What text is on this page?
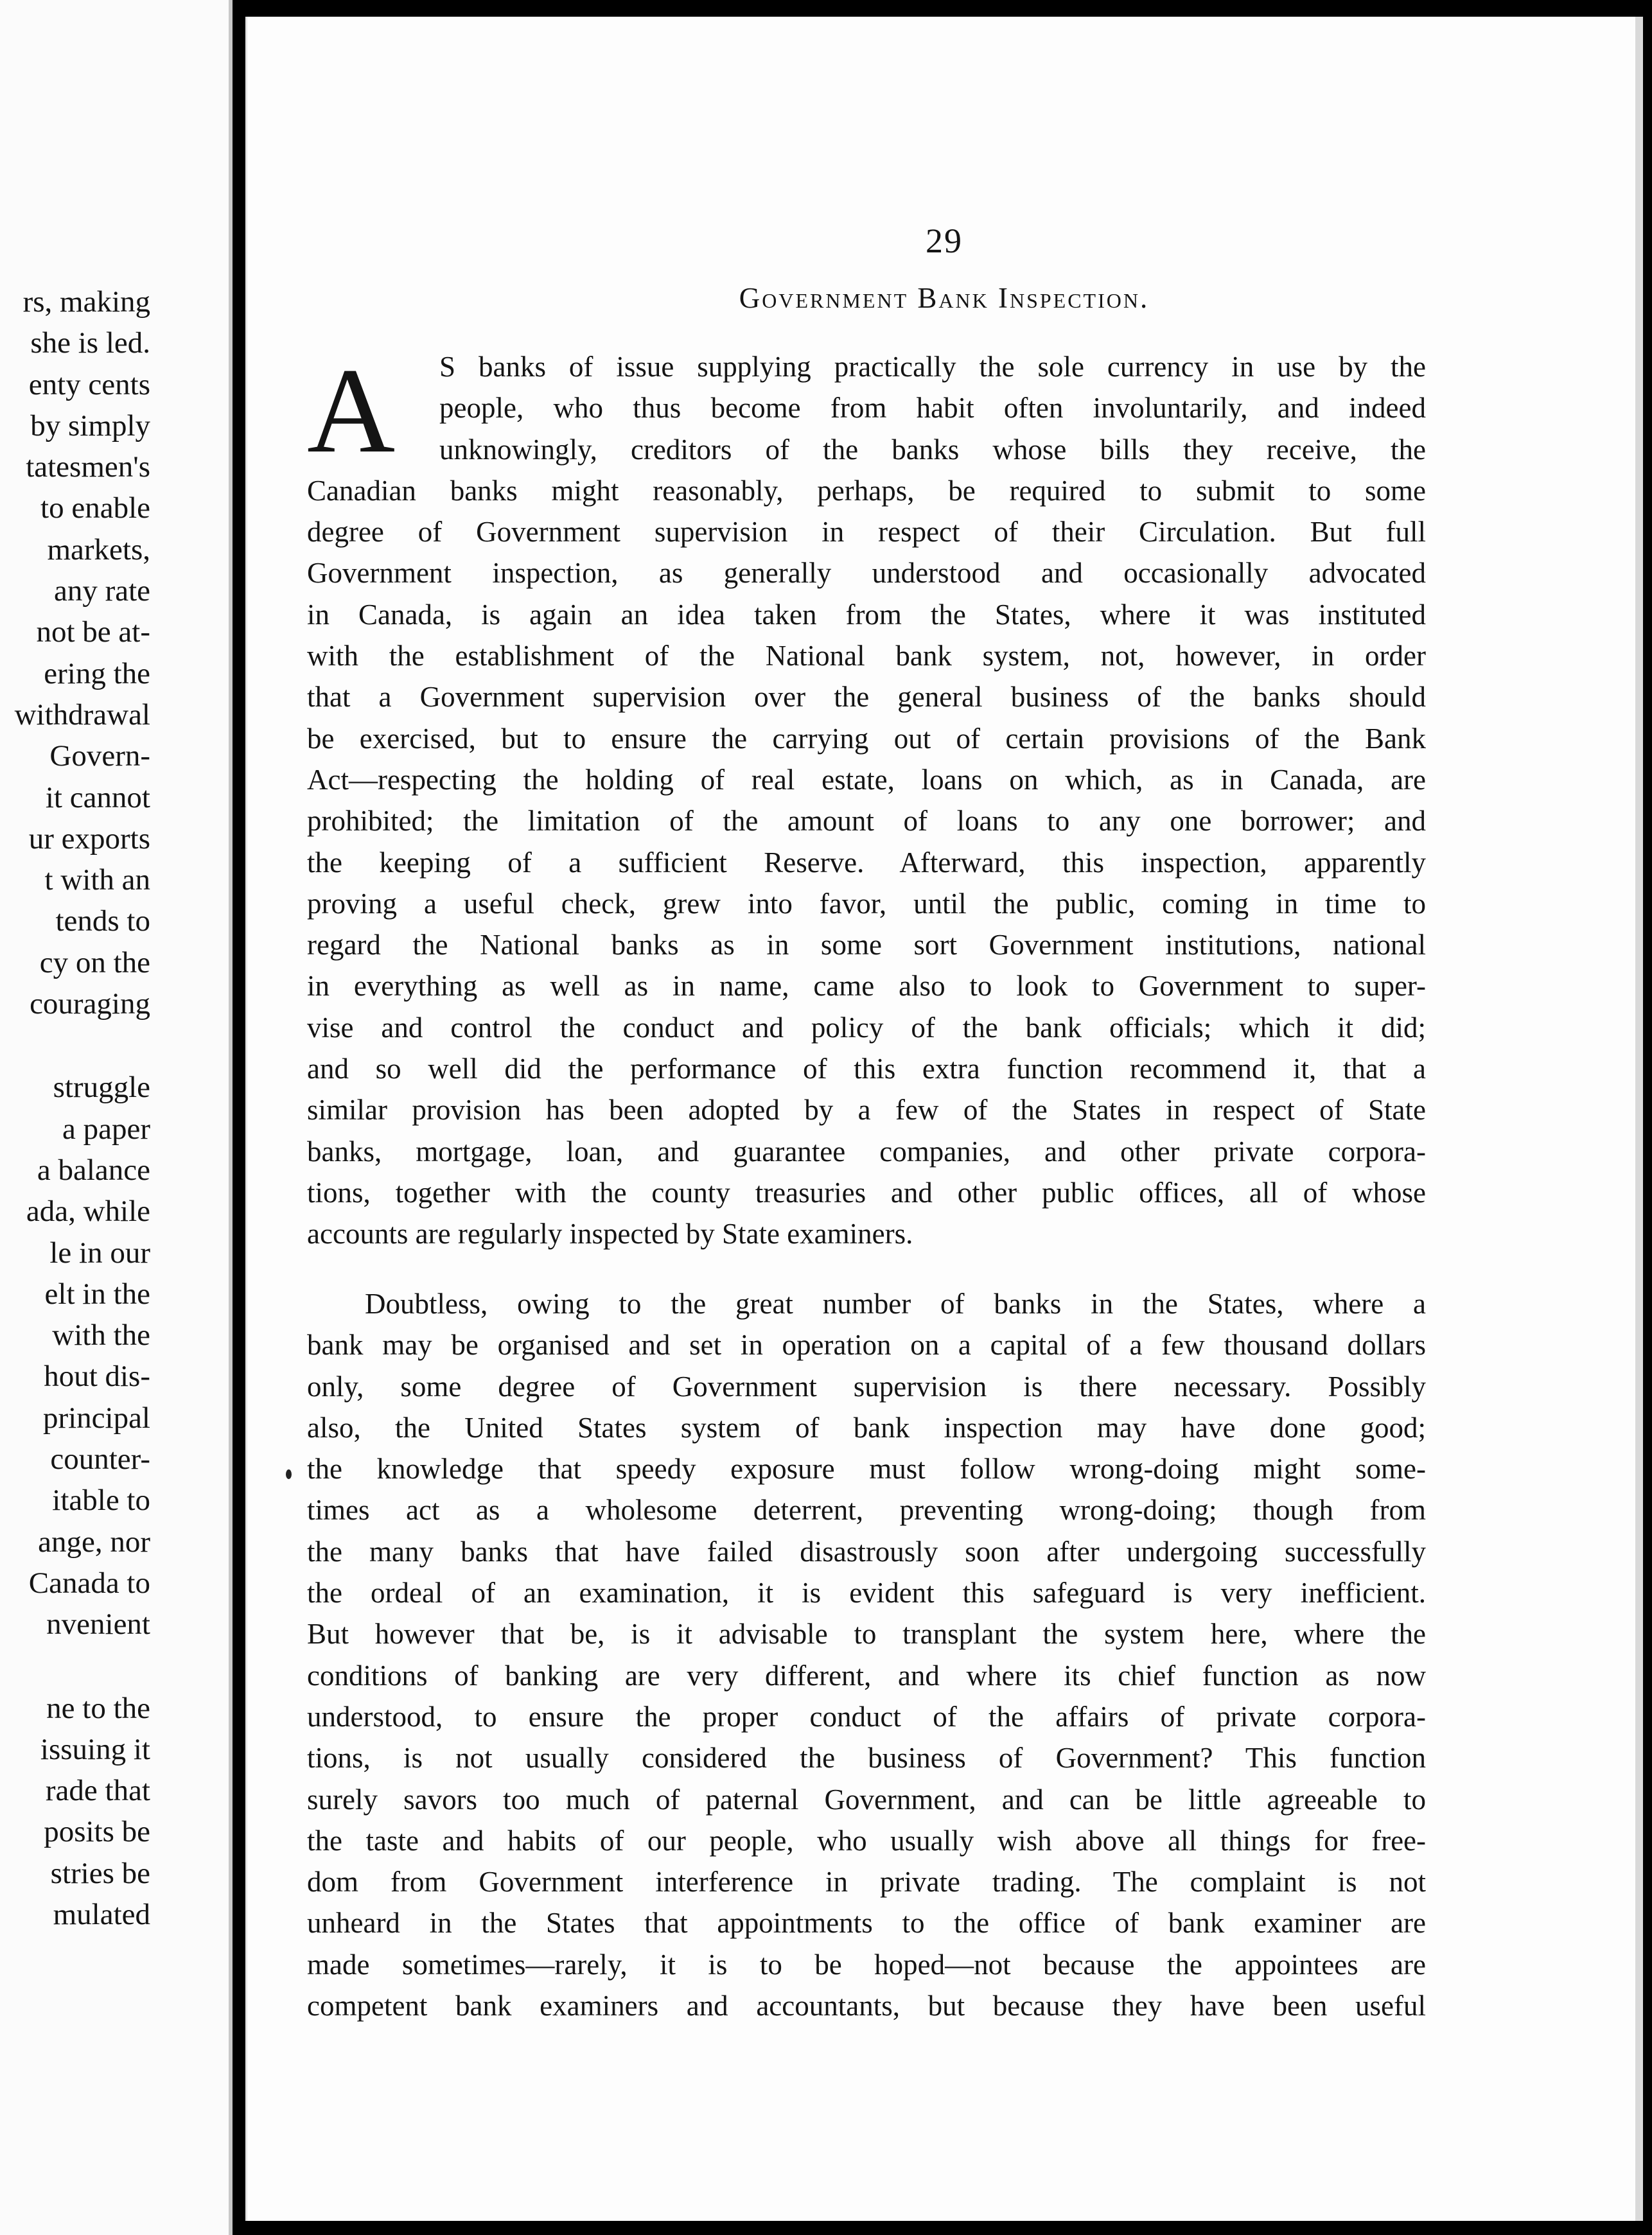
rs, making
she is led.
enty cents
by simply
tatesmen's
to enable
markets,
any rate
not be at-
ering the
withdrawal
Govern-
it cannot
ur exports
t with an
tends to
cy on the
couraging
struggle
a paper
a balance
ada, while
le in our
elt in the
with the
hout dis-
principal
counter-
itable to
ange, nor
Canada to
nvenient
ne to the
issuing it
rade that
posits be
stries be
mulated
29
Government Bank Inspection.
A	S banks of issue supplying practically the sole currency in use by the
people, who thus become from habit often involuntarily, and indeed
unknowingly, creditors of the banks whose bills they receive, the
Canadian banks might reasonably, perhaps, be required to submit to some
degree of Government supervision in respect of their Circulation. But full
Government inspection, as generally understood and occasionally advocated
in Canada, is again an idea taken from the States, where it was instituted
with the establishment of the National bank system, not, however, in order
that a Government supervision over the general business of the banks should
be exercised, but to ensure the carrying out of certain provisions of the Bank
Act—respecting the holding of real estate, loans on which, as in Canada, are
prohibited; the limitation of the amount of loans to any one borrower; and
the keeping of a sufficient Reserve. Afterward, this inspection, apparently
proving a useful check, grew into favor, until the public, coming in time to
regard the National banks as in some sort Government institutions, national
in everything as well as in name, came also to look to Government to super-
vise and control the conduct and policy of the bank officials; which it did;
and so well did the performance of this extra function recommend it, that a
similar provision has been adopted by a few of the States in respect of State
banks, mortgage, loan, and guarantee companies, and other private corpora-
tions, together with the county treasuries and other public offices, all of whose
accounts are regularly inspected by State examiners.
Doubtless, owing to the great number of banks in the States, where a
bank may be organised and set in operation on a capital of a few thousand dollars
only, some degree of Government supervision is there necessary. Possibly
also, the United States system of bank inspection may have done good;
the knowledge that speedy exposure must follow wrong-doing might some-
times act as a wholesome deterrent, preventing wrong-doing; though from
the many banks that have failed disastrously soon after undergoing successfully
the ordeal of an examination, it is evident this safeguard is very inefficient.
But however that be, is it advisable to transplant the system here, where the
conditions of banking are very different, and where its chief function as now
understood, to ensure the proper conduct of the affairs of private corpora-
tions, is not usually considered the business of Government? This function
surely savors too much of paternal Government, and can be little agreeable to
the taste and habits of our people, who usually wish above all things for free-
dom from Government interference in private trading. The complaint is not
unheard in the States that appointments to the office of bank examiner are
made sometimes—rarely, it is to be hoped—not because the appointees are
competent bank examiners and accountants, but because they have been useful
